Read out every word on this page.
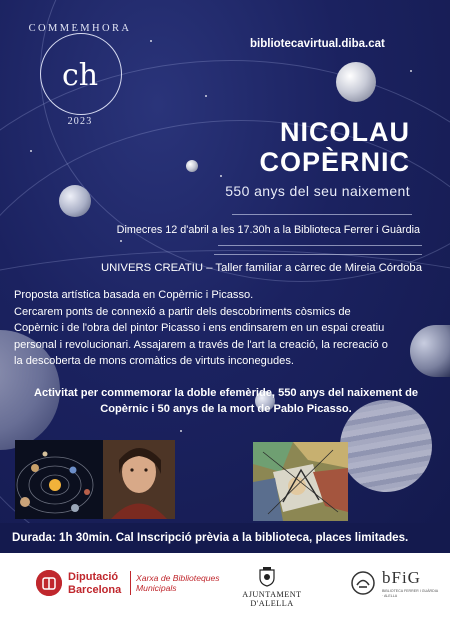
COMMEMHORA
ch
2023
bibliotecavirtual.diba.cat
NICOLAU
COPÈRNIC
550 anys del seu naixement
Dimecres 12 d'abril a les 17.30h a la Biblioteca Ferrer i Guàrdia
UNIVERS CREATIU – Taller familiar a càrrec de Mireia Córdoba

Proposta artística basada en Copèrnic i Picasso.

Cercarem ponts de connexió a partir dels descobriments còsmics de

Copèrnic i de l'obra del pintor Picasso i ens endinsarem en un espai creatiu

personal i revolucionari. Assajarem a través de l'art la creació, la recreació o

la descoberta de mons cromàtics de virtuts inconegudes.

Activitat per commemorar la doble efemèride, 550 anys del naixement de
Copèrnic i 50 anys de la mort de Pablo Picasso.
Durada: 1h 30min. Cal Inscripció prèvia a la biblioteca, places limitades.
Diputació
Barcelona
Xarxa de Biblioteques
Municipals
AJUNTAMENT D'ALELLA
bFiG
BIBLIOTECA FERRER I GUÀRDIA · ALELLA
